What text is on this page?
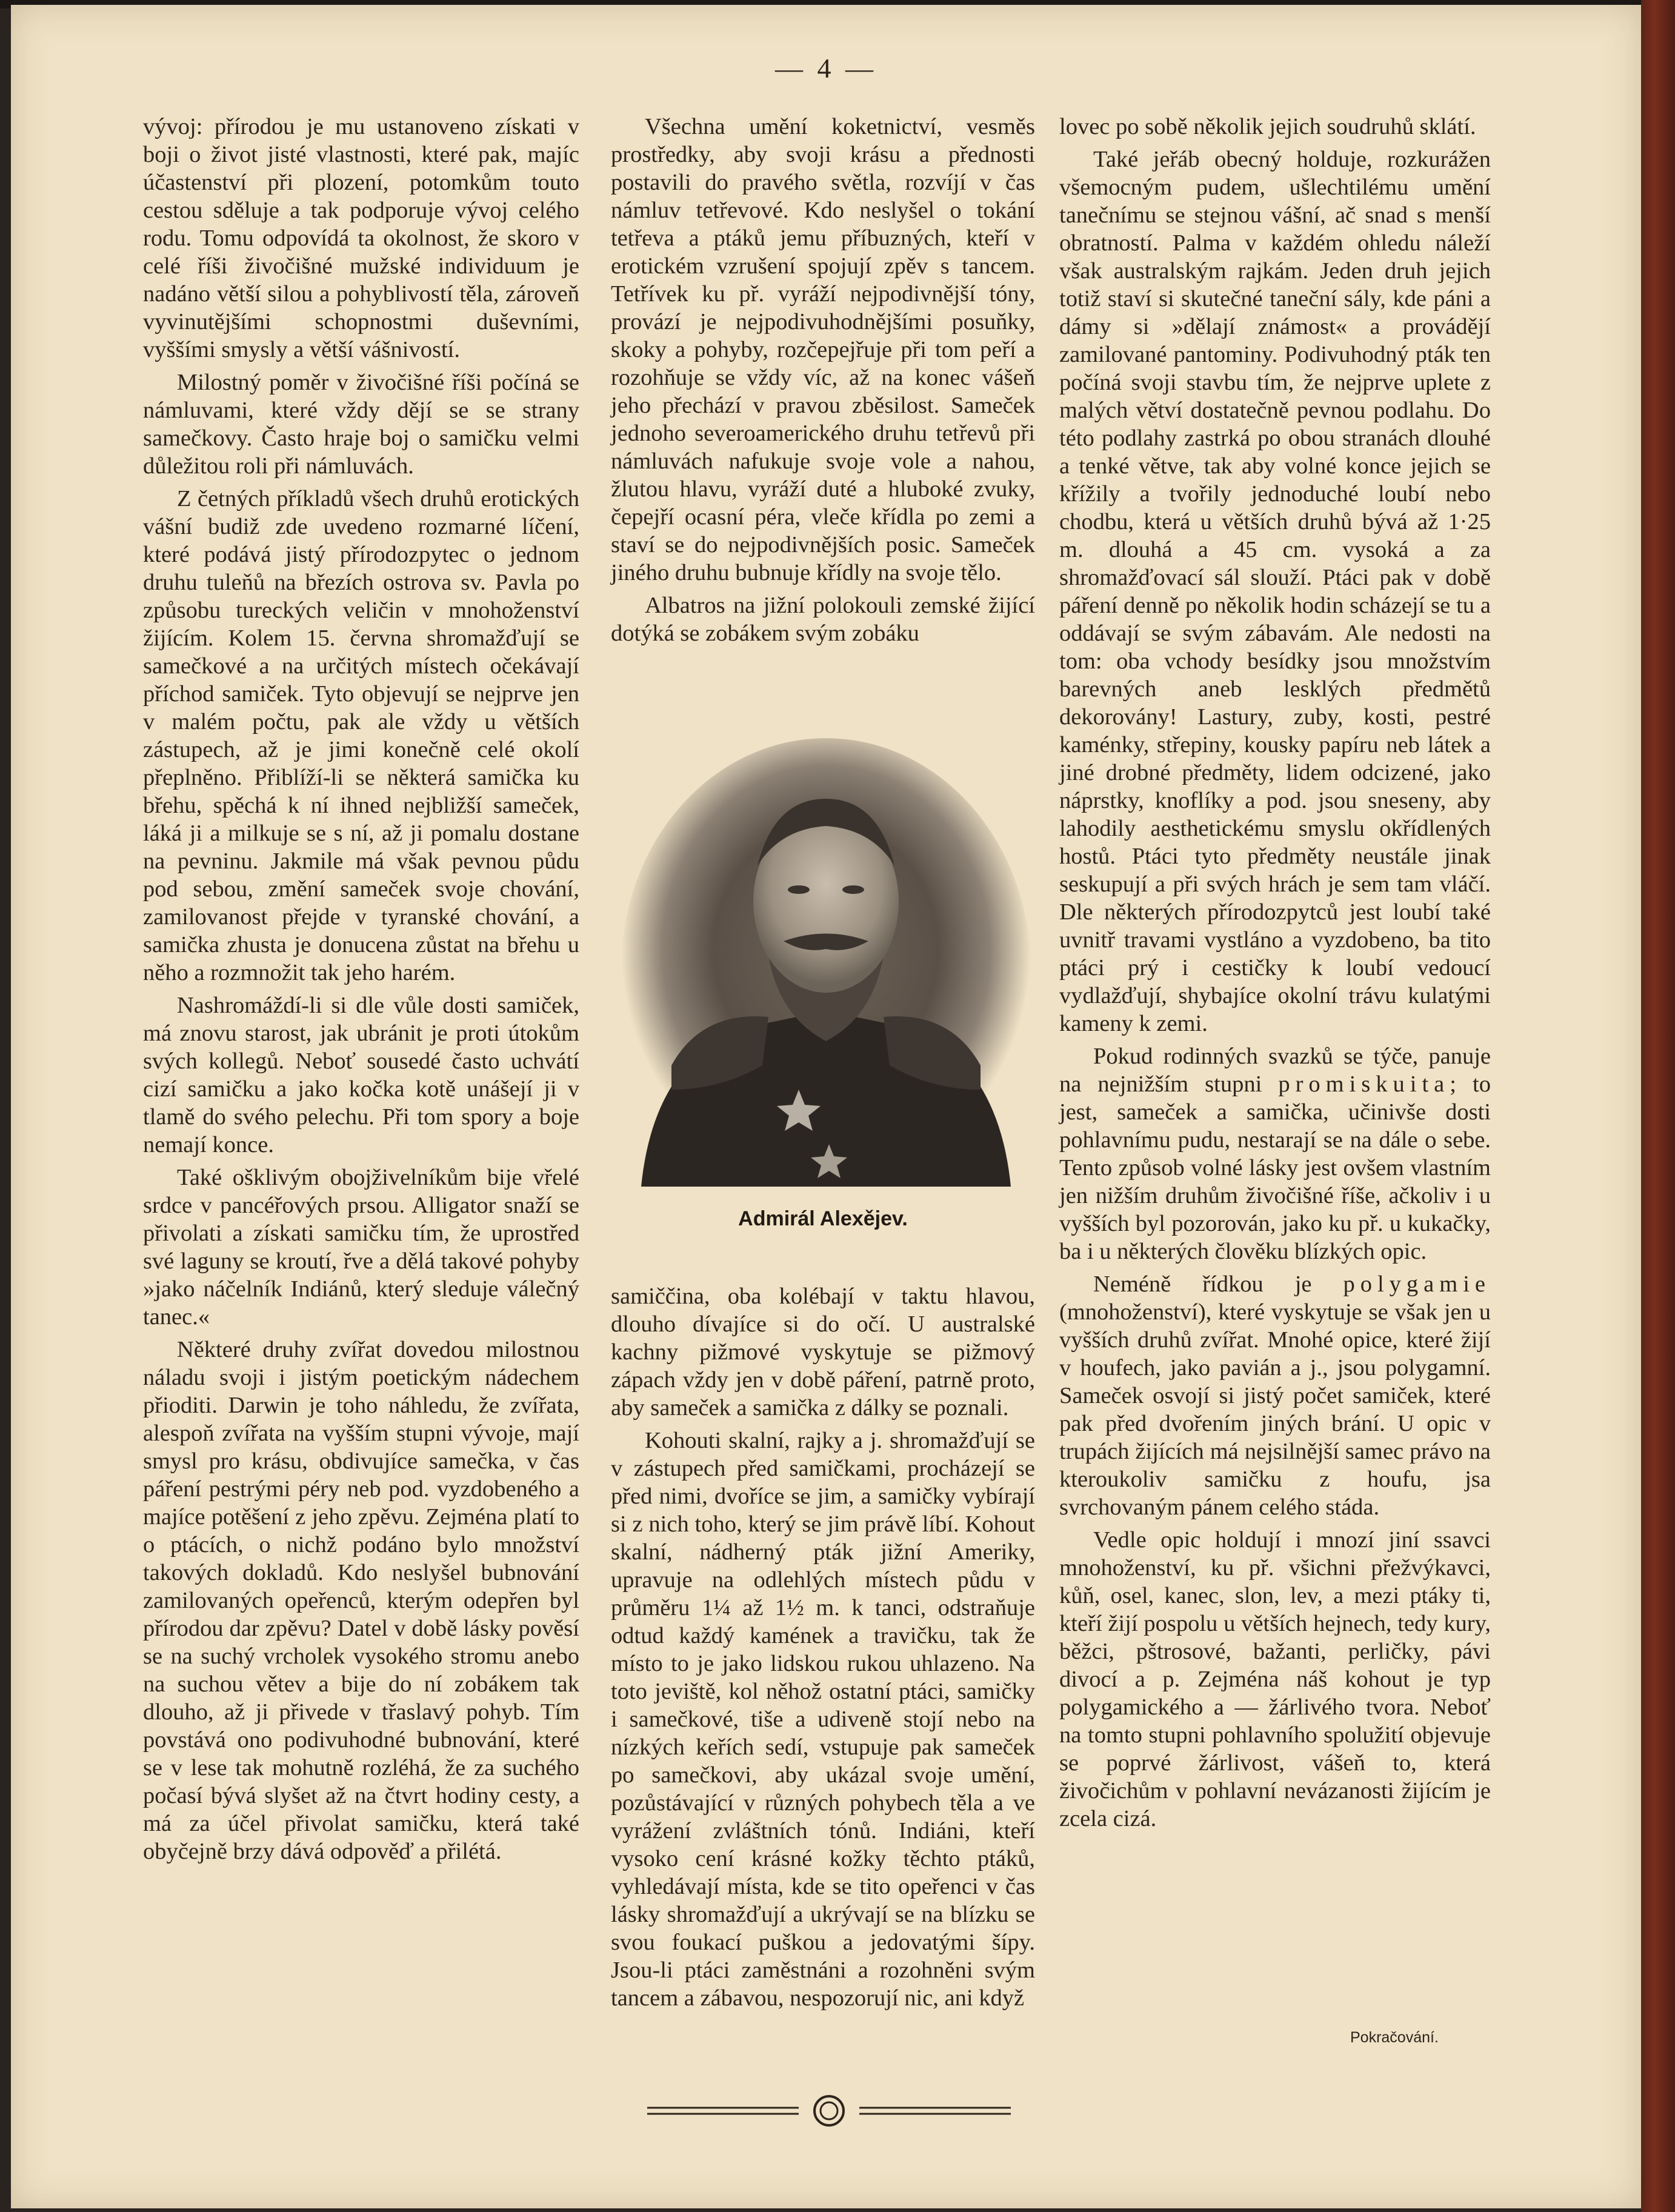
— 4 —

vývoj: přírodou je mu ustanoveno získati v boji o život jisté vlastnosti, které pak, majíc účastenství při plození, potomkům touto cestou sděluje a tak podporuje vývoj celého rodu. Tomu odpovídá ta okolnost, že skoro v celé říši živočišné mužské individuum je nadáno větší silou a pohyblivostí těla, zároveň vyvinutějšími schopnostmi duševními, vyššími smysly a větší vášnivostí.

Milostný poměr v živočišné říši počíná se námluvami, které vždy dějí se se strany samečkovy. Často hraje boj o samičku velmi důležitou roli při námluvách.

Z četných příkladů všech druhů erotických vášní budiž zde uvedeno rozmarné líčení, které podává jistý přírodozpytec o jednom druhu tuleňů na březích ostrova sv. Pavla po způsobu tureckých veličin v mnohoženství žijícím. Kolem 15. června shromažďují se samečkové a na určitých místech očekávají příchod samiček. Tyto objevují se nejprve jen v malém počtu, pak ale vždy u větších zástupech, až je jimi konečně celé okolí přeplněno. Přiblíží-li se některá samička ku břehu, spěchá k ní ihned nejbližší sameček, láká ji a milkuje se s ní, až ji pomalu dostane na pevninu. Jakmile má však pevnou půdu pod sebou, změní sameček svoje chování, zamilovanost přejde v tyranské chování, a samička zhusta je donucena zůstat na břehu u něho a rozmnožit tak jeho harém.

Nashromáždí-li si dle vůle dosti samiček, má znovu starost, jak ubránit je proti útokům svých kollegů. Neboť sousedé často uchvátí cizí samičku a jako kočka kotě unášejí ji v tlamě do svého pelechu. Při tom spory a boje nemají konce.

Také ošklivým obojživelníkům bije vřelé srdce v pancéřových prsou. Alligator snaží se přivolati a získati samičku tím, že uprostřed své laguny se kroutí, řve a dělá takové pohyby »jako náčelník Indiánů, který sleduje válečný tanec.«

Některé druhy zvířat dovedou milostnou náladu svoji i jistým poetickým nádechem přioditi. Darwin je toho náhledu, že zvířata, alespoň zvířata na vyšším stupni vývoje, mají smysl pro krásu, obdivujíce samečka, v čas páření pestrými péry neb pod. vyzdobeného a majíce potěšení z jeho zpěvu. Zejména platí to o ptácích, o nichž podáno bylo množství takových dokladů. Kdo neslyšel bubnování zamilovaných opeřenců, kterým odepřen byl přírodou dar zpěvu? Datel v době lásky pověsí se na suchý vrcholek vysokého stromu anebo na suchou větev a bije do ní zobákem tak dlouho, až ji přivede v třaslavý pohyb. Tím povstává ono podivuhodné bubnování, které se v lese tak mohutně rozléhá, že za suchého počasí bývá slyšet až na čtvrt hodiny cesty, a má za účel přivolat samičku, která také obyčejně brzy dává odpověď a přilétá.

Všechna umění koketnictví, vesměs prostředky, aby svoji krásu a přednosti postavili do pravého světla, rozvíjí v čas námluv tetřevové. Kdo neslyšel o tokání tetřeva a ptáků jemu příbuzných, kteří v erotickém vzrušení spojují zpěv s tancem. Tetřívek ku př. vyráží nejpodivnější tóny, provází je nejpodivuhodnějšími posuňky, skoky a pohyby, rozčepejřuje při tom peří a rozohňuje se vždy víc, až na konec vášeň jeho přechází v pravou zběsilost. Sameček jednoho severoamerického druhu tetřevů při námluvách nafukuje svoje vole a nahou, žlutou hlavu, vyráží duté a hluboké zvuky, čepejří ocasní péra, vleče křídla po zemi a staví se do nejpodivnějších posic. Sameček jiného druhu bubnuje křídly na svoje tělo.

Albatros na jižní polokouli zemské žijící dotýká se zobákem svým zobáku

Admirál Alexějev.

samiččina, oba kolébají v taktu hlavou, dlouho dívajíce si do očí. U australské kachny pižmové vyskytuje se pižmový zápach vždy jen v době páření, patrně proto, aby sameček a samička z dálky se poznali.

Kohouti skalní, rajky a j. shromažďují se v zástupech před samičkami, procházejí se před nimi, dvoříce se jim, a samičky vybírají si z nich toho, který se jim právě líbí. Kohout skalní, nádherný pták jižní Ameriky, upravuje na odlehlých místech půdu v průměru 1¼ až 1½ m. k tanci, odstraňuje odtud každý kamének a travičku, tak že místo to je jako lidskou rukou uhlazeno. Na toto jeviště, kol něhož ostatní ptáci, samičky i samečkové, tiše a udiveně stojí nebo na nízkých keřích sedí, vstupuje pak sameček po samečkovi, aby ukázal svoje umění, pozůstávající v různých pohybech těla a ve vyrážení zvláštních tónů. Indiáni, kteří vysoko cení krásné kožky těchto ptáků, vyhledávají místa, kde se tito opeřenci v čas lásky shromažďují a ukrývají se na blízku se svou foukací puškou a jedovatými šípy. Jsou-li ptáci zaměstnáni a rozohněni svým tancem a zábavou, nespozorují nic, ani když

lovec po sobě několik jejich soudruhů sklátí.

Také jeřáb obecný holduje, rozkurážen všemocným pudem, ušlechtilému umění tanečnímu se stejnou vášní, ač snad s menší obratností. Palma v každém ohledu náleží však australským rajkám. Jeden druh jejich totiž staví si skutečné taneční sály, kde páni a dámy si »dělají známost« a provádějí zamilované pantominy. Podivuhodný pták ten počíná svoji stavbu tím, že nejprve uplete z malých větví dostatečně pevnou podlahu. Do této podlahy zastrká po obou stranách dlouhé a tenké větve, tak aby volné konce jejich se křížily a tvořily jednoduché loubí nebo chodbu, která u větších druhů bývá až 1·25 m. dlouhá a 45 cm. vysoká a za shromažďovací sál slouží. Ptáci pak v době páření denně po několik hodin scházejí se tu a oddávají se svým zábavám. Ale nedosti na tom: oba vchody besídky jsou množstvím barevných aneb lesklých předmětů dekorovány! Lastury, zuby, kosti, pestré kaménky, střepiny, kousky papíru neb látek a jiné drobné předměty, lidem odcizené, jako náprstky, knoflíky a pod. jsou sneseny, aby lahodily aesthetickému smyslu okřídlených hostů. Ptáci tyto předměty neustále jinak seskupují a při svých hrách je sem tam vláčí. Dle některých přírodozpytců jest loubí také uvnitř travami vystláno a vyzdobeno, ba tito ptáci prý i cestičky k loubí vedoucí vydlažďují, shybajíce okolní trávu kulatými kameny k zemi.

Pokud rodinných svazků se týče, panuje na nejnižším stupni promiskuita; to jest, sameček a samička, učinivše dosti pohlavnímu pudu, nestarají se na dále o sebe. Tento způsob volné lásky jest ovšem vlastním jen nižším druhům živočišné říše, ačkoliv i u vyšších byl pozorován, jako ku př. u kukačky, ba i u některých člověku blízkých opic.

Neméně řídkou je polygamie (mnohoženství), které vyskytuje se však jen u vyšších druhů zvířat. Mnohé opice, které žijí v houfech, jako pavián a j., jsou polygamní. Sameček osvojí si jistý počet samiček, které pak před dvořením jiných brání. U opic v trupách žijících má nejsilnější samec právo na kteroukoliv samičku z houfu, jsa svrchovaným pánem celého stáda.

Vedle opic holdují i mnozí jiní ssavci mnohoženství, ku př. všichni přežvýkavci, kůň, osel, kanec, slon, lev, a mezi ptáky ti, kteří žijí pospolu u větších hejnech, tedy kury, běžci, pštrosové, bažanti, perličky, pávi divocí a p. Zejména náš kohout je typ polygamického a — žárlivého tvora. Neboť na tomto stupni pohlavního spolužití objevuje se poprvé žárlivost, vášeň to, která živočichům v pohlavní nevázanosti žijícím je zcela cizá.

Pokračování.
